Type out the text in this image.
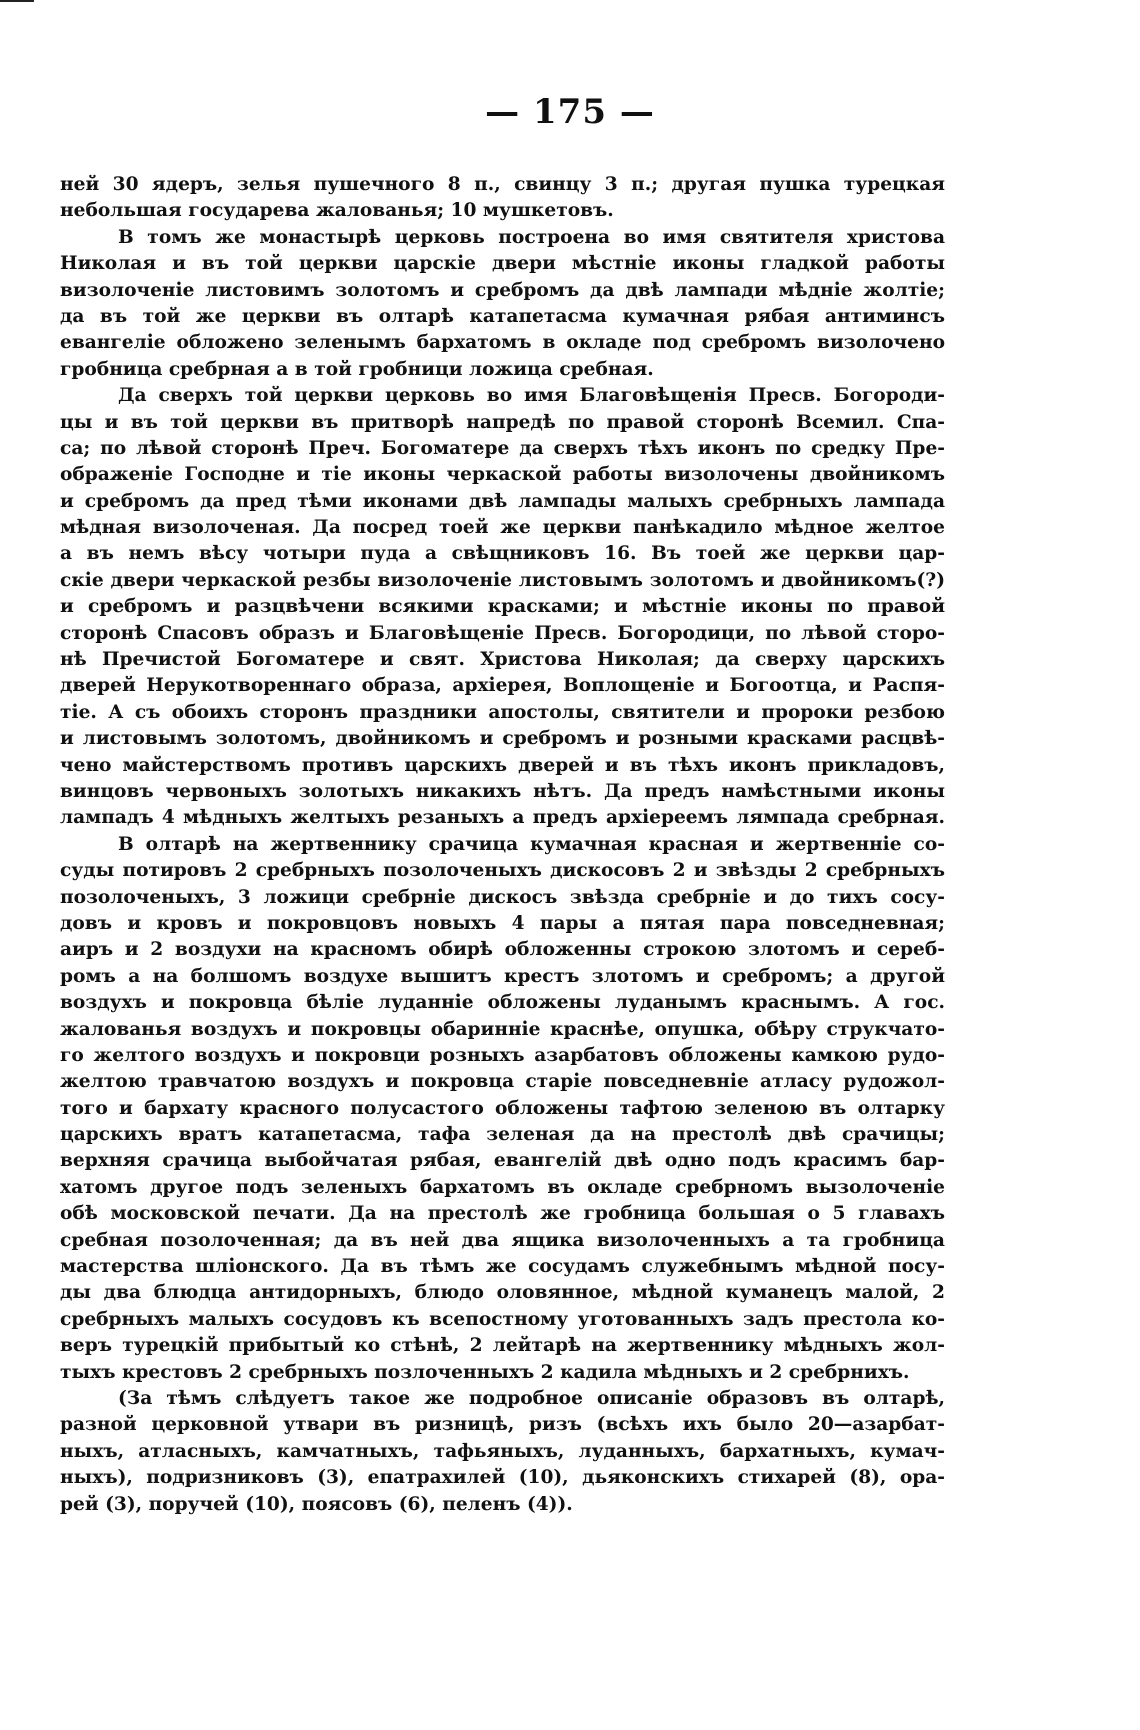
— 175 —
ней 30 ядеръ, зелья пушечного 8 п., свинцу 3 п.; другая пушка турецкая
небольшая государева жалованья; 10 мушкетовъ.
В томъ же монастырѣ церковь построена во имя святителя христова
Николая и въ той церкви царскіе двери мѣстніе иконы гладкой работы
визолоченіе листовимъ золотомъ и сребромъ да двѣ лампади мѣдніе жолтіе;
да въ той же церкви въ олтарѣ катапетасма кумачная рябая антиминсъ
евангеліе обложено зеленымъ бархатомъ в окладе под сребромъ визолочено
гробница сребрная а в той гробници ложица сребная.
Да сверхъ той церкви церковь во имя Благовѣщенія Пресв. Богороди-
цы и въ той церкви въ притворѣ напредѣ по правой сторонѣ Всемил. Спа-
са; по лѣвой сторонѣ Преч. Богоматере да сверхъ тѣхъ иконъ по средку Пре-
ображеніе Господне и тіе иконы черкаской работы визолочены двойникомъ
и сребромъ да пред тѣми иконами двѣ лампады малыхъ сребрныхъ лампада
мѣдная визолоченая. Да посред тоей же церкви панѣкадило мѣдное желтое
а въ немъ вѣсу чотыри пуда а свѣщниковъ 16. Въ тоей же церкви цар-
скіе двери черкаской резбы визолоченіе листовымъ золотомъ и двойникомъ(?)
и сребромъ и разцвѣчени всякими красками; и мѣстніе иконы по правой
сторонѣ Спасовъ образъ и Благовѣщеніе Пресв. Богородици, по лѣвой сторо-
нѣ Пречистой Богоматере и свят. Христова Николая; да сверху царскихъ
дверей Нерукотвореннаго образа, архіерея, Воплощеніе и Богоотца, и Распя-
тіе. А съ обоихъ сторонъ праздники апостолы, святители и пророки резбою
и листовымъ золотомъ, двойникомъ и сребромъ и розными красками расцвѣ-
чено майстерствомъ противъ царскихъ дверей и въ тѣхъ иконъ прикладовъ,
винцовъ червоныхъ золотыхъ никакихъ нѣтъ. Да предъ намѣстными иконы
лампадъ 4 мѣдныхъ желтыхъ резаныхъ а предъ архіереемъ лямпада сребрная.
В олтарѣ на жертвеннику срачица кумачная красная и жертвенніе со-
суды потировъ 2 сребрныхъ позолоченыхъ дискосовъ 2 и звѣзды 2 сребрныхъ
позолоченыхъ, 3 ложици сребрніе дискосъ звѣзда сребрніе и до тихъ сосу-
довъ и кровъ и покровцовъ новыхъ 4 пары а пятая пара повседневная;
аиръ и 2 воздухи на красномъ обирѣ обложенны строкою злотомъ и сереб-
ромъ а на болшомъ воздухе вышитъ крестъ злотомъ и сребромъ; а другой
воздухъ и покровца бѣліе луданніе обложены луданымъ краснымъ. А гос.
жалованья воздухъ и покровцы обаринніе краснѣе, опушка, обѣру струкчато-
го желтого воздухъ и покровци розныхъ азарбатовъ обложены камкою рудо-
желтою травчатою воздухъ и покровца старіе повседневніе атласу рудожол-
того и бархату красного полусастого обложены тафтою зеленою въ олтарку
царскихъ вратъ катапетасма, тафа зеленая да на престолѣ двѣ срачицы;
верхняя срачица выбойчатая рябая, евангелій двѣ одно подъ красимъ бар-
хатомъ другое подъ зеленыхъ бархатомъ въ окладе сребрномъ вызолоченіе
обѣ московской печати. Да на престолѣ же гробница большая о 5 главахъ
сребная позолоченная; да въ ней два ящика визолоченныхъ а та гробница
мастерства шліонского. Да въ тѣмъ же сосудамъ служебнымъ мѣдной посу-
ды два блюдца антидорныхъ, блюдо оловянное, мѣдной куманецъ малой, 2
сребрныхъ малыхъ сосудовъ къ всепостному уготованныхъ задъ престола ко-
веръ турецкій прибытый ко стѣнѣ, 2 лейтарѣ на жертвеннику мѣдныхъ жол-
тыхъ крестовъ 2 сребрныхъ позлоченныхъ 2 кадила мѣдныхъ и 2 сребрнихъ.
(За тѣмъ слѣдуетъ такое же подробное описаніе образовъ въ олтарѣ,
разной церковной утвари въ ризницѣ, ризъ (всѣхъ ихъ было 20—азарбат-
ныхъ, атласныхъ, камчатныхъ, тафьяныхъ, луданныхъ, бархатныхъ, кумач-
ныхъ), подризниковъ (3), епатрахилей (10), дьяконскихъ стихарей (8), ора-
рей (3), поручей (10), поясовъ (6), пеленъ (4)).
